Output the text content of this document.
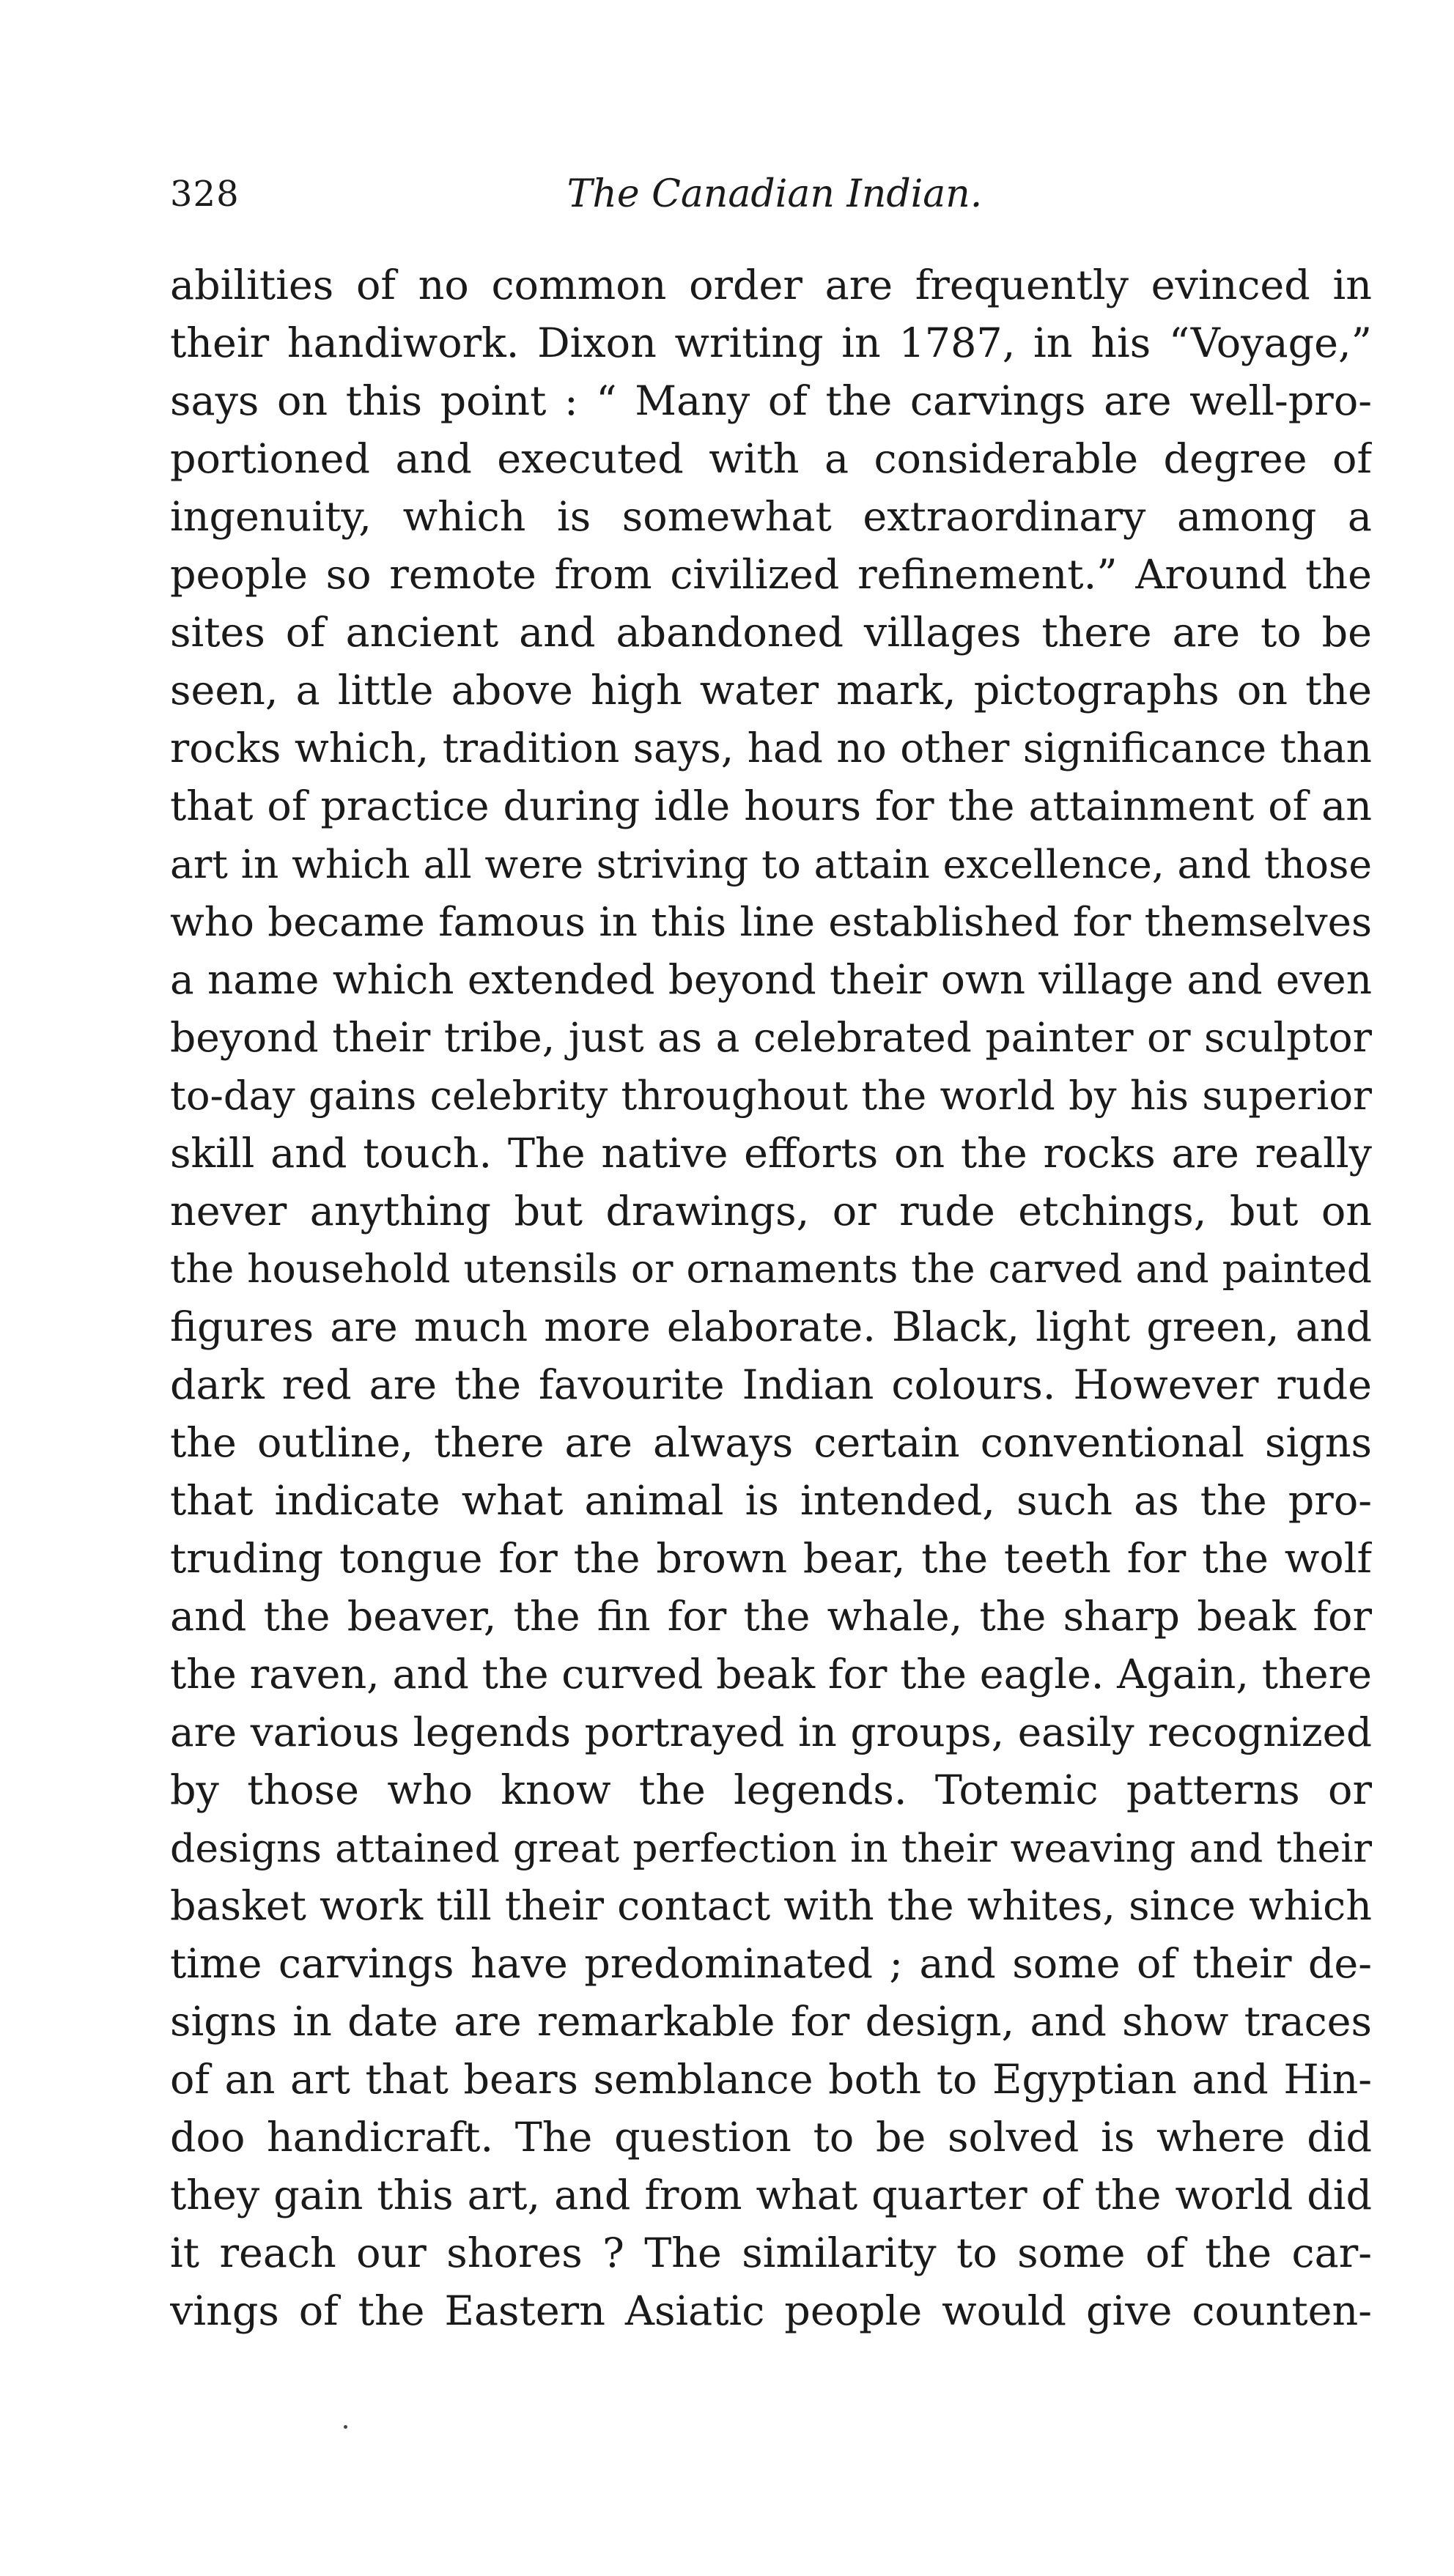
328	The Canadian Indian.
abilities of no common order are frequently evinced in
their handiwork. Dixon writing in 1787, in his “Voyage,”
says on this point : “ Many of the carvings are well-pro-
portioned and executed with a considerable degree of
ingenuity, which is somewhat extraordinary among a
people so remote from civilized refinement.” Around the
sites of ancient and abandoned villages there are to be
seen, a little above high water mark, pictographs on the
rocks which, tradition says, had no other significance than
that of practice during idle hours for the attainment of an
art in which all were striving to attain excellence, and those
who became famous in this line established for themselves
a name which extended beyond their own village and even
beyond their tribe, just as a celebrated painter or sculptor
to-day gains celebrity throughout the world by his superior
skill and touch. The native efforts on the rocks are really
never anything but drawings, or rude etchings, but on
the household utensils or ornaments the carved and painted
figures are much more elaborate. Black, light green, and
dark red are the favourite Indian colours. However rude
the outline, there are always certain conventional signs
that indicate what animal is intended, such as the pro-
truding tongue for the brown bear, the teeth for the wolf
and the beaver, the fin for the whale, the sharp beak for
the raven, and the curved beak for the eagle. Again, there
are various legends portrayed in groups, easily recognized
by those who know the legends. Totemic patterns or
designs attained great perfection in their weaving and their
basket work till their contact with the whites, since which
time carvings have predominated ; and some of their de-
signs in date are remarkable for design, and show traces
of an art that bears semblance both to Egyptian and Hin-
doo handicraft. The question to be solved is where did
they gain this art, and from what quarter of the world did
it reach our shores ? The similarity to some of the car-
vings of the Eastern Asiatic people would give counten-
